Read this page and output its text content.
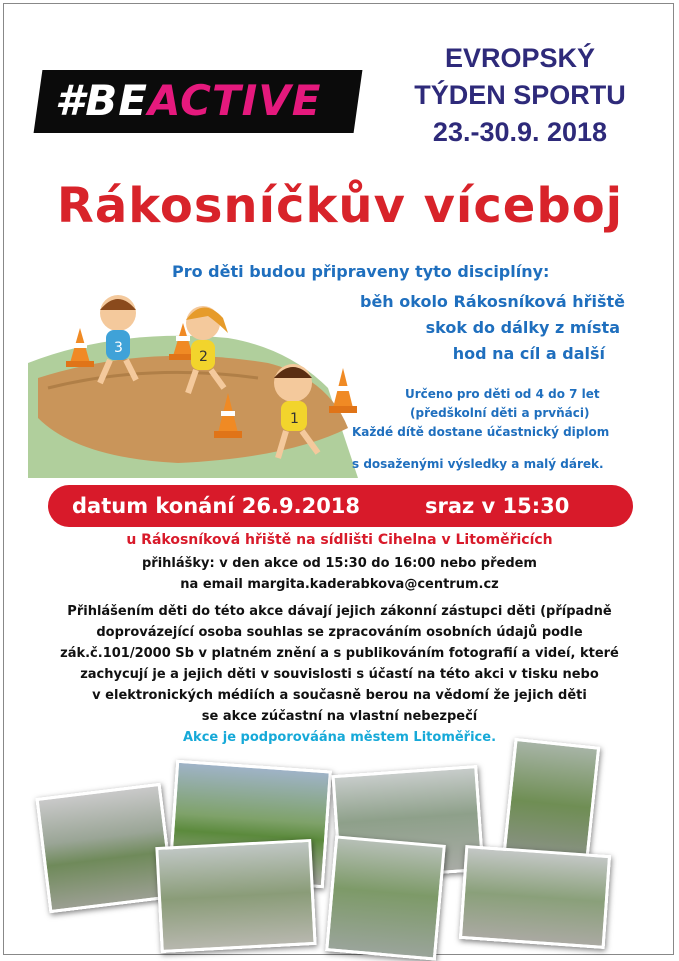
#BEACTIVE
EVROPSKÝ
TÝDEN SPORTU
23.-30.9. 2018
Rákosníčkův víceboj
3
2
1
Pro děti budou připraveny tyto disciplíny:
běh okolo Rákosníková hřiště
skok do dálky z místa
hod na cíl a další
Určeno pro děti od 4 do 7 let
(předškolní děti a prvňáci)
Každé dítě dostane účastnický diplom
s dosaženými výsledky a malý dárek.
datum konání 26.9.2018	sraz v 15:30
u Rákosníková hřiště na sídlišti Cihelna v Litoměřicích
přihlášky: v den akce od 15:30 do 16:00 nebo předem
na email margita.kaderabkova@centrum.cz
Přihlášením děti do této akce dávají jejich zákonní zástupci děti (případně
doprovázející osoba souhlas se zpracováním osobních údajů podle
zák.č.101/2000 Sb v platném znění a s publikováním fotografií a videí, které
zachycují je a jejich děti v souvislosti s účastí na této akci v tisku nebo
v elektronických médiích a současně berou na vědomí že jejich děti
se akce zúčastní na vlastní nebezpečí
Akce je podporováána městem Litoměřice.
